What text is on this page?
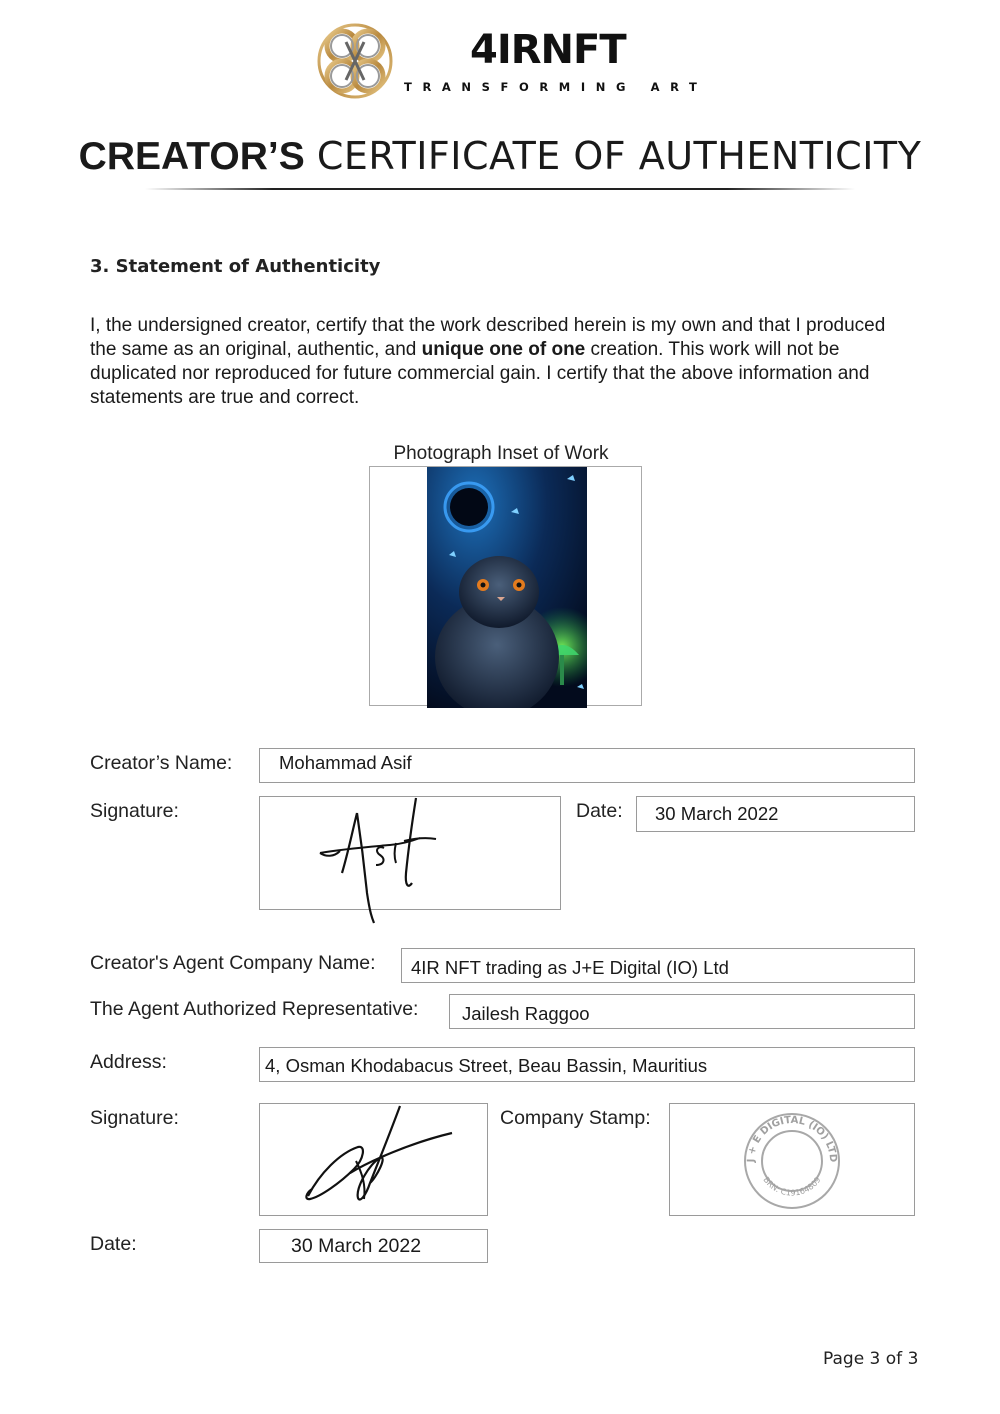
4IRNFT
TRANSFORMING ART
CREATOR’S CERTIFICATE OF AUTHENTICITY
3. Statement of Authenticity
I, the undersigned creator, certify that the work described herein is my own and that I produced the same as an original, authentic, and unique one of one creation. This work will not be duplicated nor reproduced for future commercial gain. I certify that the above information and statements are true and correct.
Photograph Inset of Work
Creator’s Name:	Mohammad Asif
Signature:	Date: 30 March 2022
Creator's Agent Company Name: 4IR NFT trading as J+E Digital (IO) Ltd
The Agent Authorized Representative: Jailesh Raggoo
Address:	4, Osman Khodabacus Street, Beau Bassin, Mauritius
Signature:	Company Stamp:
J + E DIGITAL (IO) LTD
BRN: C19164809
Date:	30 March 2022
Page 3 of 3
